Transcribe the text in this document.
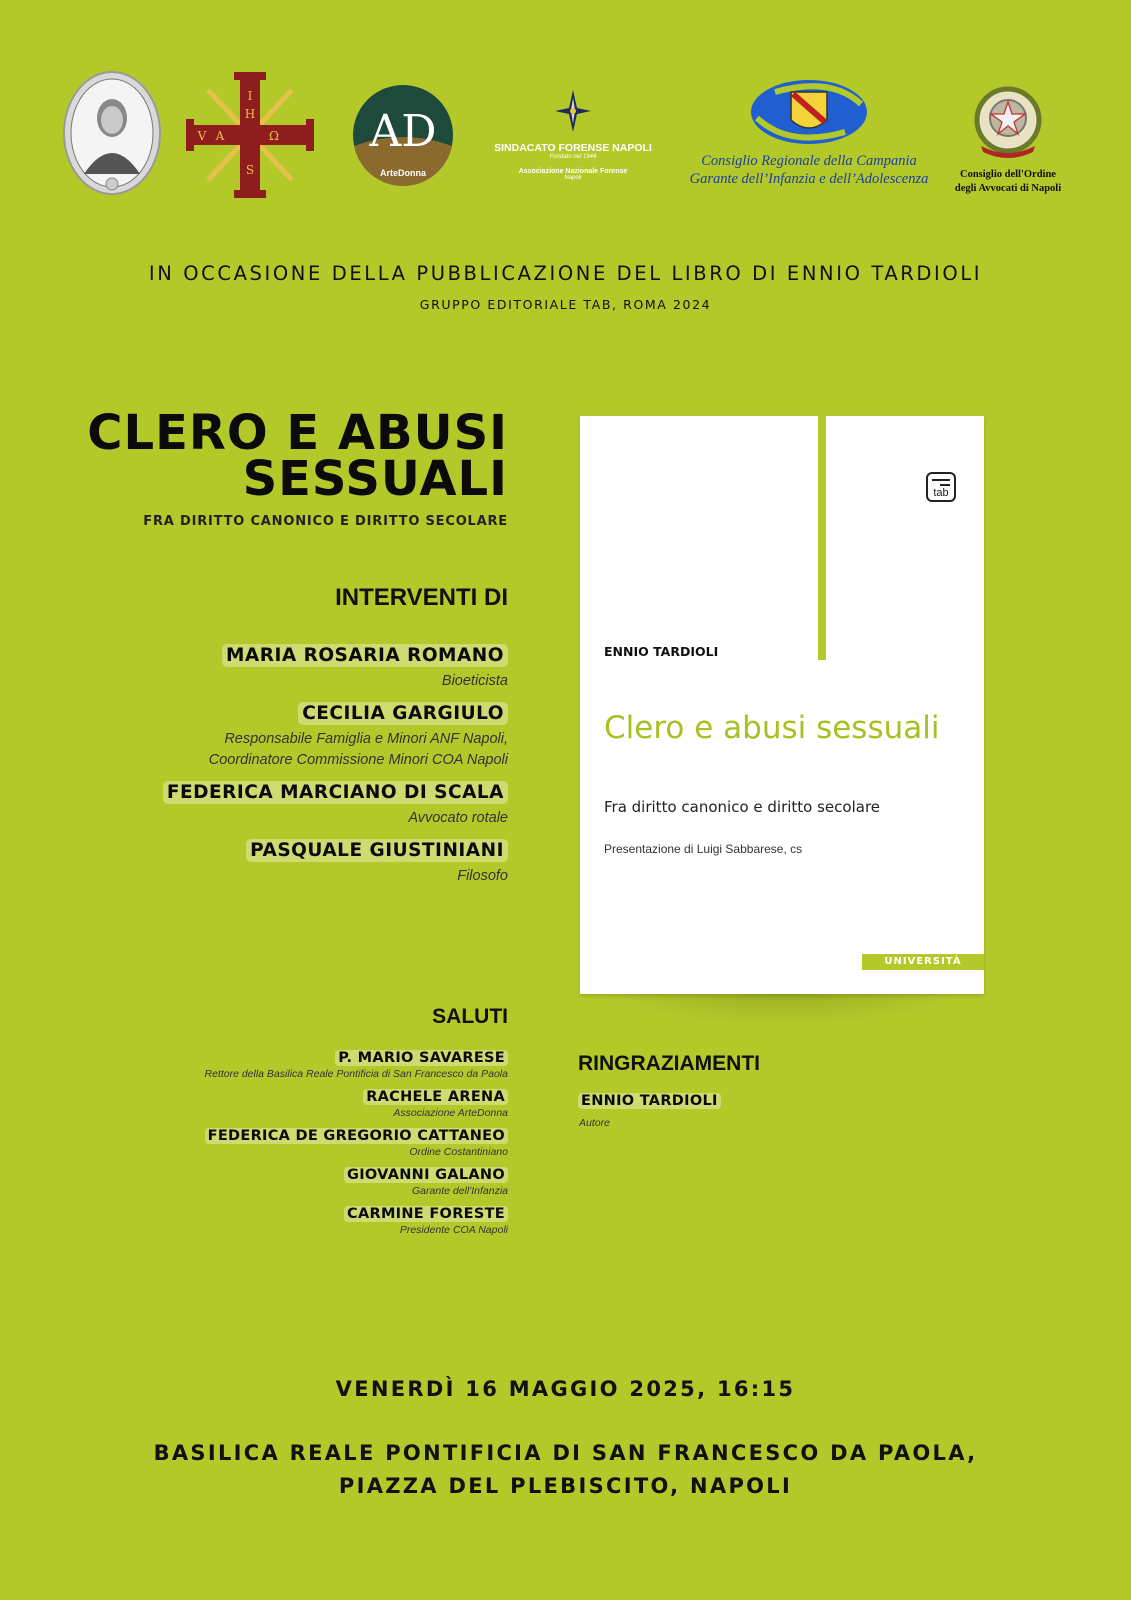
I
H
A	Ω
S
V	AD
ArteDonna
SINDACATO FORENSE NAPOLI
Fondato nel 1944
Associazione Nazionale Forense
Napoli
Consiglio Regionale della Campania
Garante dell’Infanzia e dell’Adolescenza	Consiglio dell'Ordine
degli Avvocati di Napoli
IN OCCASIONE DELLA PUBBLICAZIONE DEL LIBRO DI ENNIO TARDIOLI
GRUPPO EDITORIALE TAB, ROMA 2024
CLERO E ABUSI
SESSUALI
FRA DIRITTO CANONICO E DIRITTO SECOLARE
INTERVENTI DI
MARIA ROSARIA ROMANO
Bioeticista
CECILIA GARGIULO
Responsabile Famiglia e Minori ANF Napoli,
Coordinatore Commissione Minori COA Napoli
FEDERICA MARCIANO DI SCALA
Avvocato rotale
PASQUALE GIUSTINIANI
Filosofo
SALUTI
P. MARIO SAVARESE
Rettore della Basilica Reale Pontificia di San Francesco da Paola
RACHELE ARENA
Associazione ArteDonna
FEDERICA DE GREGORIO CATTANEO
Ordine Costantiniano
GIOVANNI GALANO
Garante dell'Infanzia
CARMINE FORESTE
Presidente COA Napoli
tab
ENNIO TARDIOLI
Clero e abusi sessuali
Fra diritto canonico e diritto secolare
Presentazione di Luigi Sabbarese, cs
UNIVERSITÀ
RINGRAZIAMENTI
ENNIO TARDIOLI
Autore
VENERDÌ 16 MAGGIO 2025, 16:15
BASILICA REALE PONTIFICIA DI SAN FRANCESCO DA PAOLA,
PIAZZA DEL PLEBISCITO, NAPOLI
